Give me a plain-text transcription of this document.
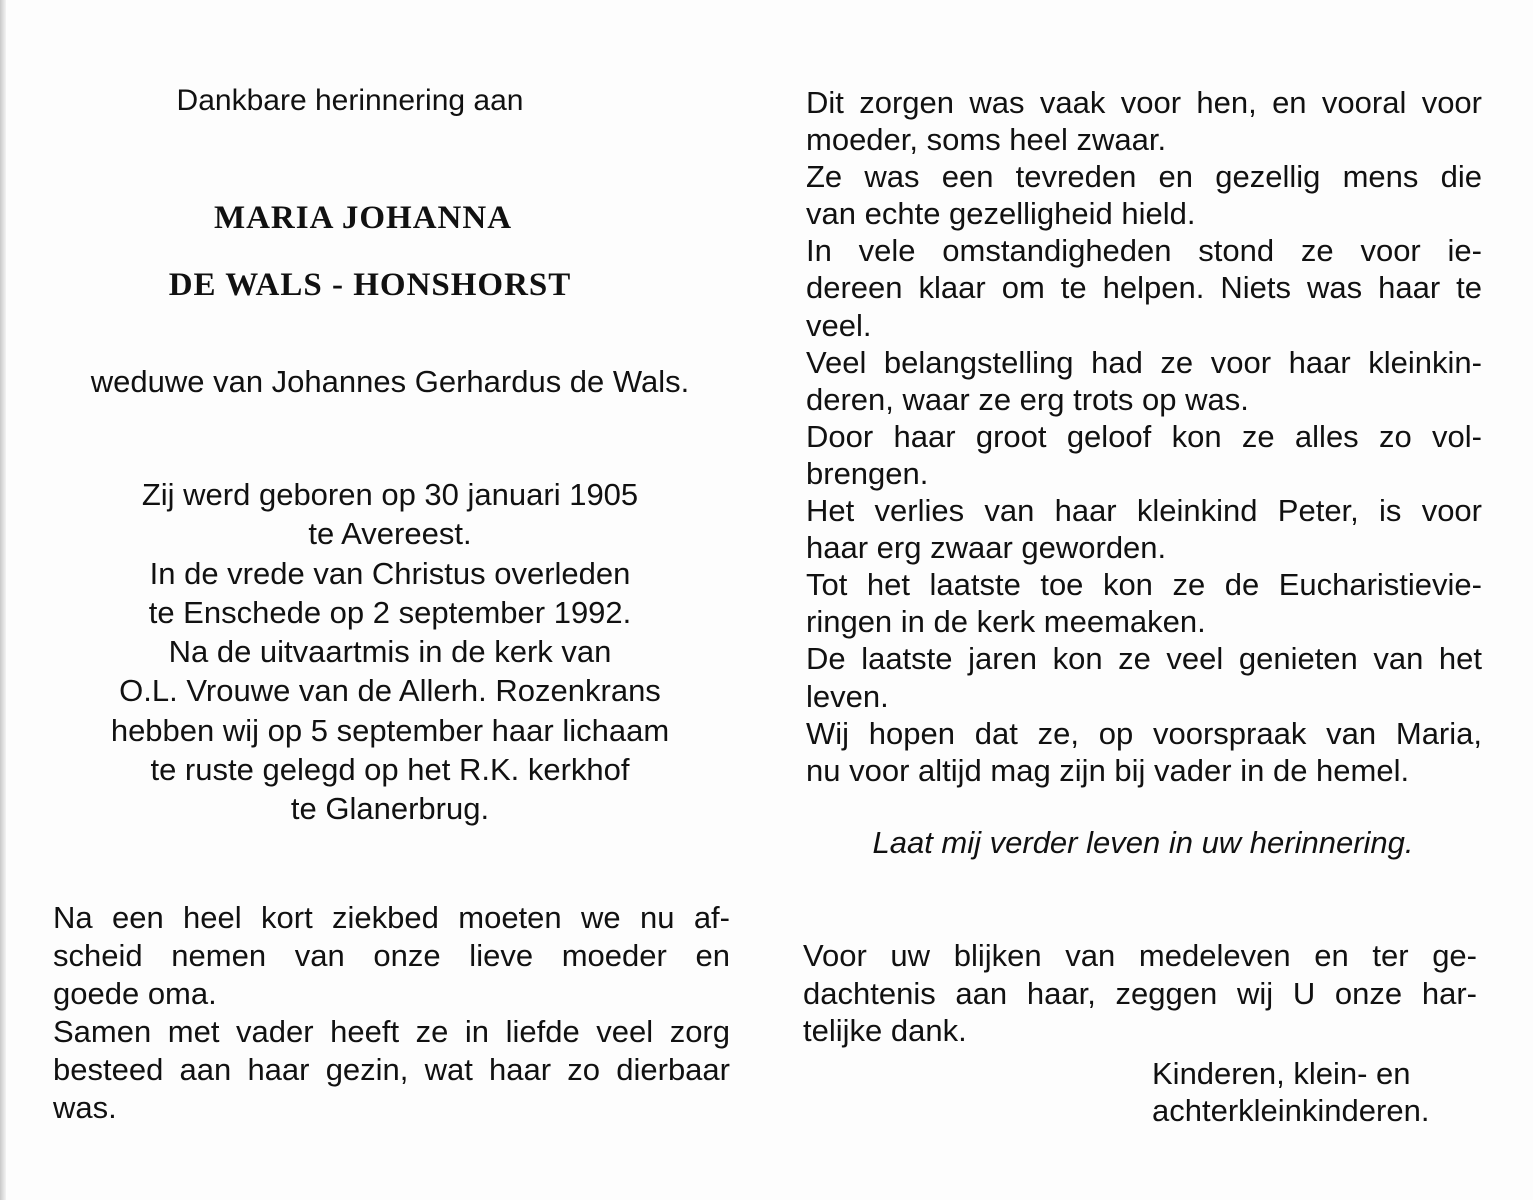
Dankbare herinnering aan
MARIA JOHANNA
DE WALS - HONSHORST
weduwe van Johannes Gerhardus de Wals.
Zij werd geboren op 30 januari 1905
te Avereest.
In de vrede van Christus overleden
te Enschede op 2 september 1992.
Na de uitvaartmis in de kerk van
O.L. Vrouwe van de Allerh. Rozenkrans
hebben wij op 5 september haar lichaam
te ruste gelegd op het R.K. kerkhof
te Glanerbrug.
Na een heel kort ziekbed moeten we nu af-
scheid nemen van onze lieve moeder en
goede oma.
Samen met vader heeft ze in liefde veel zorg
besteed aan haar gezin, wat haar zo dierbaar
was.
Dit zorgen was vaak voor hen, en vooral voor
moeder, soms heel zwaar.
Ze was een tevreden en gezellig mens die
van echte gezelligheid hield.
In vele omstandigheden stond ze voor ie-
dereen klaar om te helpen. Niets was haar te
veel.
Veel belangstelling had ze voor haar kleinkin-
deren, waar ze erg trots op was.
Door haar groot geloof kon ze alles zo vol-
brengen.
Het verlies van haar kleinkind Peter, is voor
haar erg zwaar geworden.
Tot het laatste toe kon ze de Eucharistievie-
ringen in de kerk meemaken.
De laatste jaren kon ze veel genieten van het
leven.
Wij hopen dat ze, op voorspraak van Maria,
nu voor altijd mag zijn bij vader in de hemel.
Laat mij verder leven in uw herinnering.
Voor uw blijken van medeleven en ter ge-
dachtenis aan haar, zeggen wij U onze har-
telijke dank.
Kinderen, klein- en
achterkleinkinderen.
